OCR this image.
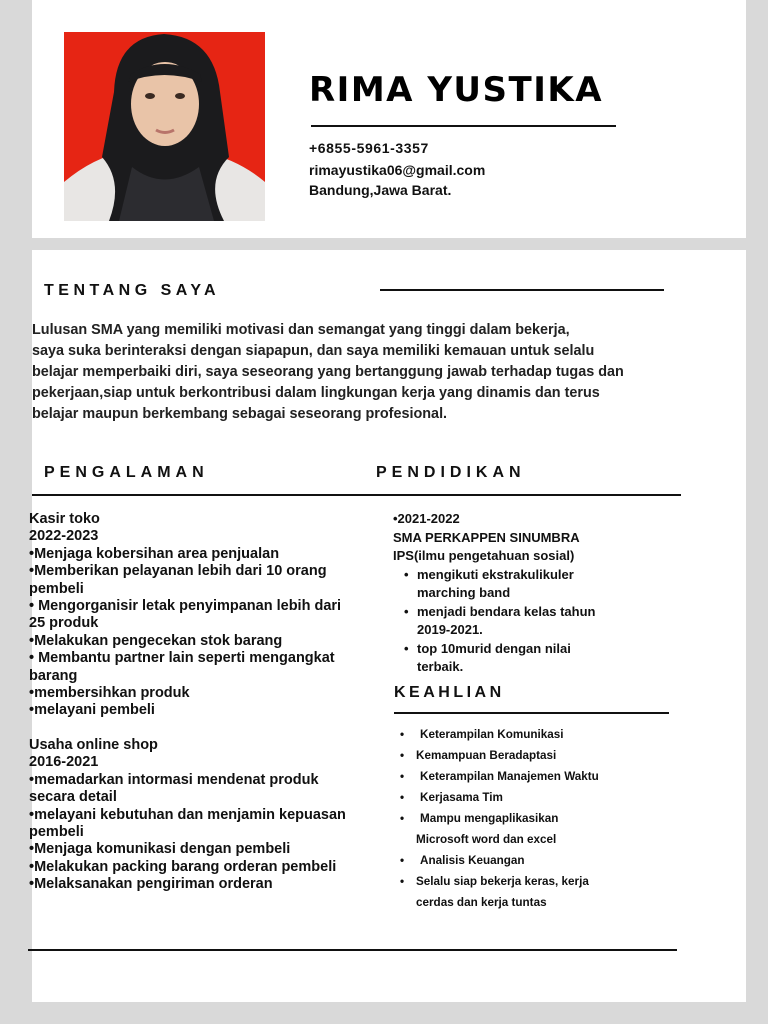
RIMA YUSTIKA
+6855-5961-3357
rimayustika06@gmail.com
Bandung,Jawa Barat.
TENTANG SAYA
Lulusan SMA yang memiliki motivasi dan semangat yang tinggi dalam bekerja,
saya suka berinteraksi dengan siapapun, dan saya memiliki kemauan untuk selalu
belajar memperbaiki diri, saya seseorang yang bertanggung jawab terhadap tugas dan
pekerjaan,siap untuk berkontribusi dalam lingkungan kerja yang dinamis dan terus
belajar maupun berkembang sebagai seseorang profesional.
PENGALAMAN	PENDIDIKAN
Kasir toko
2022-2023
•Menjaga kobersihan area penjualan
•Memberikan pelayanan lebih dari 10 orang
pembeli
• Mengorganisir letak penyimpanan lebih dari
25 produk
•Melakukan pengecekan stok barang
• Membantu partner lain seperti mengangkat
barang
•membersihkan produk
•melayani pembeli
Usaha online shop
2016-2021
•memadarkan intormasi mendenat produk
secara detail
•melayani kebutuhan dan menjamin kepuasan
pembeli
•Menjaga komunikasi dengan pembeli
•Melakukan packing barang orderan pembeli
•Melaksanakan pengiriman orderan
•2021-2022
SMA PERKAPPEN SINUMBRA
IPS(ilmu pengetahuan sosial)
• mengikuti ekstrakulikuler
marching band
• menjadi bendara kelas tahun
2019-2021.
• top 10murid dengan nilai
terbaik.
KEAHLIAN
• Keterampilan Komunikasi
• Kemampuan Beradaptasi
• Keterampilan Manajemen Waktu
• Kerjasama Tim
• Mampu mengaplikasikan
Microsoft word dan excel
• Analisis Keuangan
• Selalu siap bekerja keras, kerja
cerdas dan kerja tuntas
